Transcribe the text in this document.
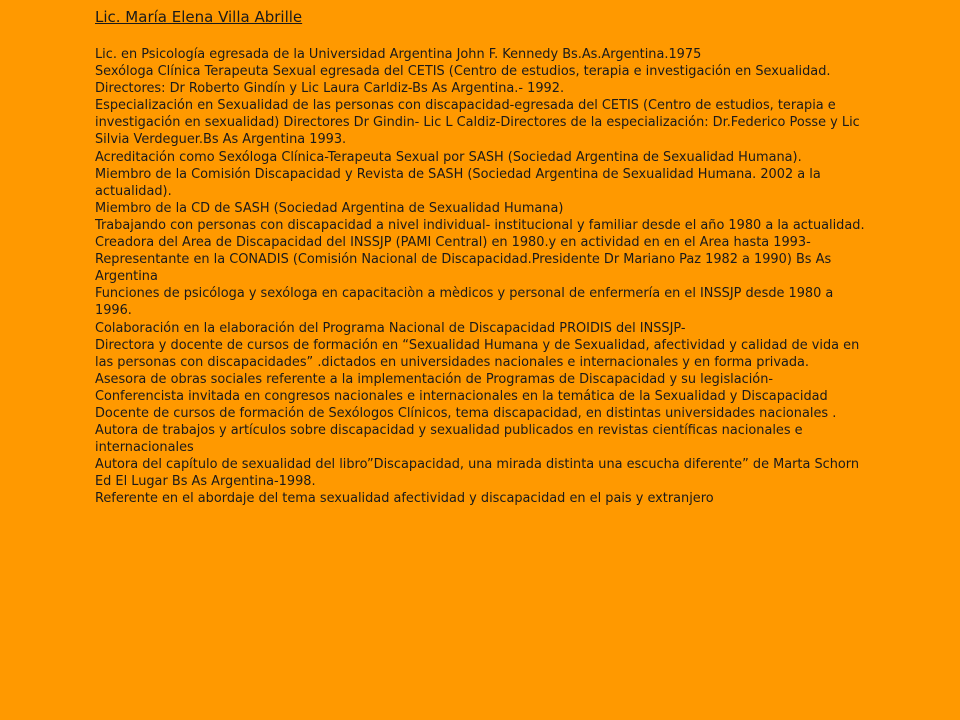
Lic. María Elena Villa Abrille
Lic. en Psicología egresada de la Universidad Argentina John F. Kennedy Bs.As.Argentina.1975
Sexóloga Clínica Terapeuta Sexual egresada del CETIS (Centro de estudios, terapia e investigación en Sexualidad. Directores: Dr Roberto Gindín y Lic Laura Carldiz-Bs As Argentina.- 1992.
Especialización en Sexualidad de las personas con discapacidad-egresada del CETIS (Centro de estudios, terapia e investigación en sexualidad) Directores Dr Gindin- Lic L Caldiz-Directores de la especialización: Dr.Federico Posse y Lic Silvia Verdeguer.Bs As Argentina 1993.
Acreditación como Sexóloga Clínica-Terapeuta Sexual por SASH (Sociedad Argentina de Sexualidad Humana).
Miembro de la Comisión Discapacidad y Revista de SASH (Sociedad Argentina de Sexualidad Humana. 2002 a la actualidad).
Miembro de la CD de SASH (Sociedad Argentina de Sexualidad Humana)
Trabajando con personas con discapacidad a nivel individual- institucional y familiar desde el año 1980 a la actualidad.
Creadora del Area de Discapacidad del INSSJP (PAMI Central) en 1980.y en actividad en en el Area hasta 1993-
Representante en la CONADIS (Comisión Nacional de Discapacidad.Presidente Dr Mariano Paz 1982 a 1990) Bs As Argentina
Funciones de psicóloga y sexóloga en capacitaciòn a mèdicos y personal de enfermería en el INSSJP desde 1980 a 1996.
Colaboración en la elaboración del Programa Nacional de Discapacidad PROIDIS del INSSJP-
Directora y docente de cursos de formación en “Sexualidad Humana y de Sexualidad, afectividad y calidad de vida en las personas con discapacidades” .dictados en universidades nacionales e internacionales y en forma privada.
Asesora de obras sociales referente a la implementación de Programas de Discapacidad y su legislación-
Conferencista invitada en congresos nacionales e internacionales en la temática de la Sexualidad y Discapacidad
Docente de cursos de formación de Sexólogos Clínicos, tema discapacidad, en distintas universidades nacionales .
Autora de trabajos y artículos sobre discapacidad y sexualidad publicados en revistas científicas nacionales e internacionales
Autora del capítulo de sexualidad del libro”Discapacidad, una mirada distinta una escucha diferente” de Marta Schorn Ed El Lugar Bs As Argentina-1998.
Referente en el abordaje del tema sexualidad afectividad y discapacidad en el pais y extranjero
